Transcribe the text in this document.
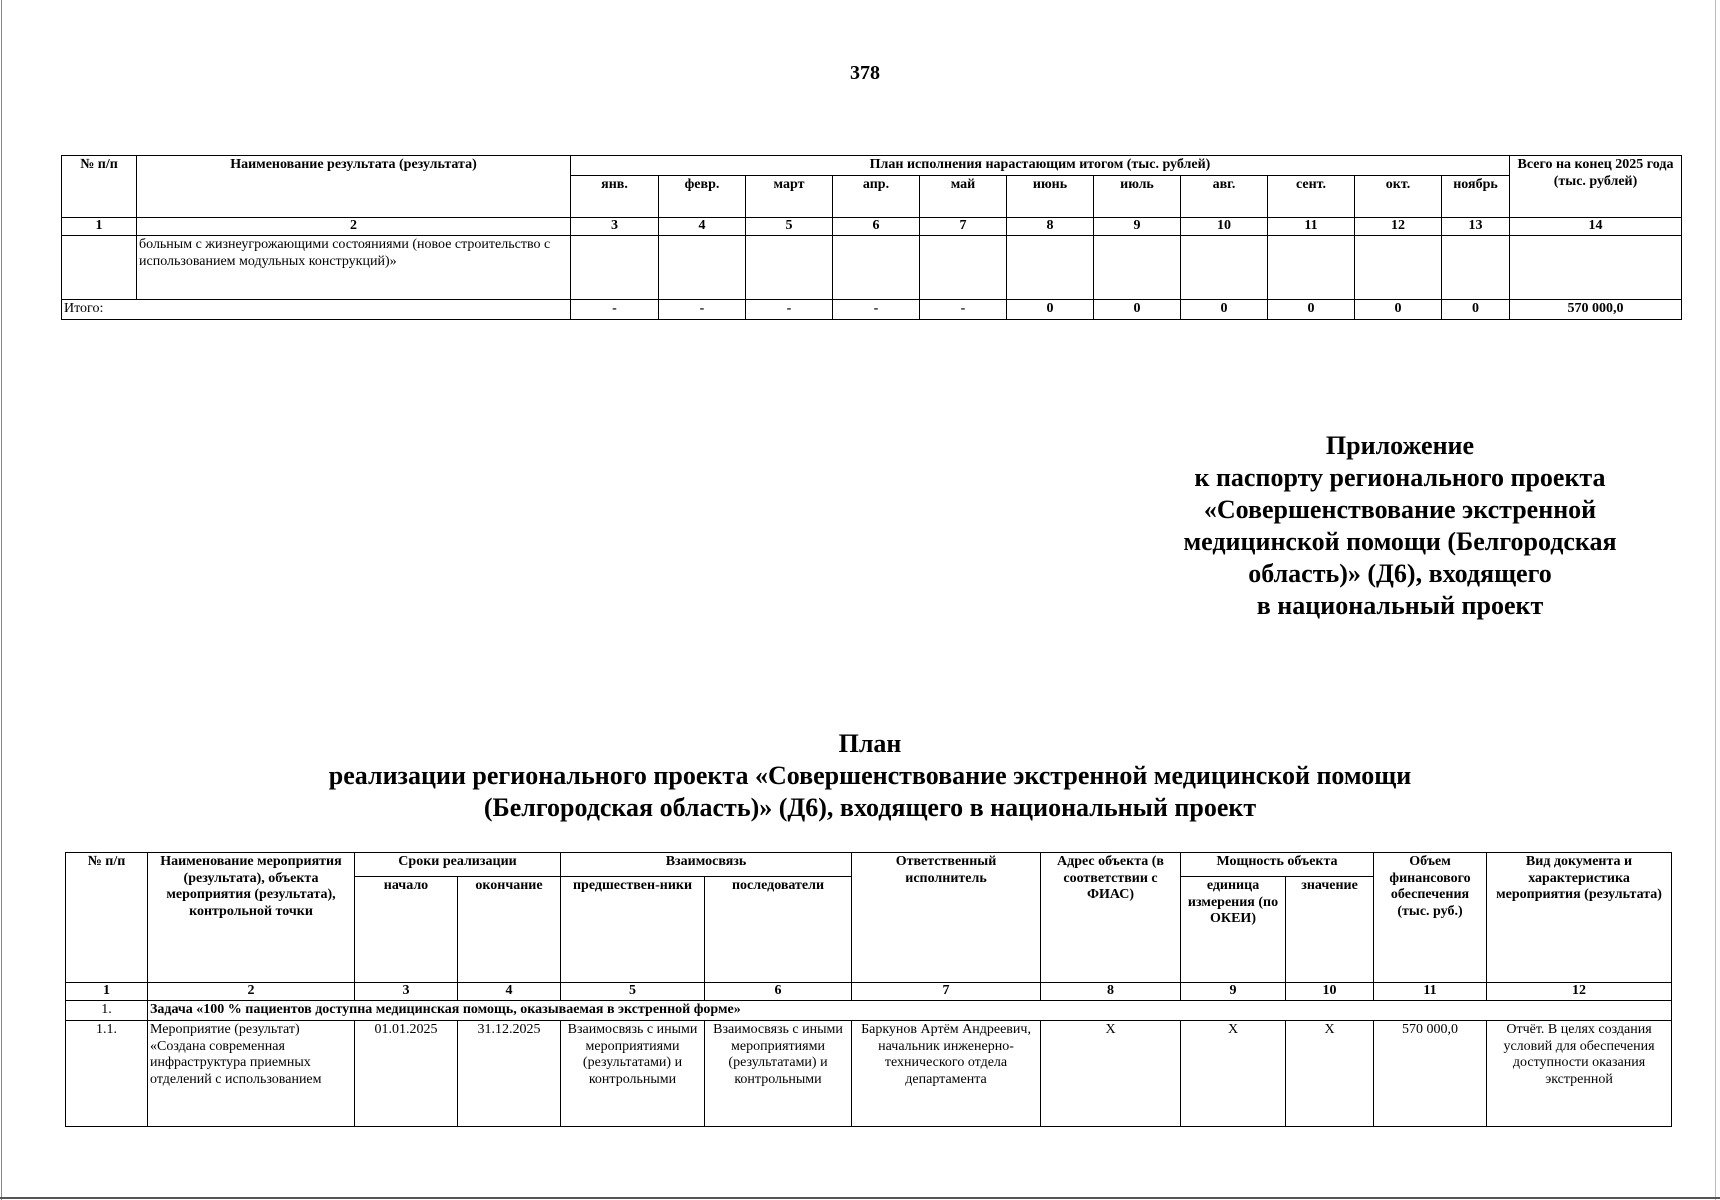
378
№ п/п	Наименование результата (результата)	План исполнения нарастающим итогом (тыс. рублей)											Всего на конец 2025 года (тыс. рублей)
		янв.	февр.	март	апр.	май	июнь	июль	авг.	сент.	окт.	ноябрь	
1	2	3	4	5	6	7	8	9	10	11	12	13	14
	больным с жизнеугрожающими состояниями (новое строительство с использованием модульных конструкций)»												
Итого:		-	-	-	-	-	0	0	0	0	0	0	570 000,0
Приложение
к паспорту регионального проекта
«Совершенствование экстренной
медицинской помощи (Белгородская
область)» (Д6), входящего
в национальный проект
План
реализации регионального проекта «Совершенствование экстренной медицинской помощи
(Белгородская область)» (Д6), входящего в национальный проект
№ п/п	Наименование мероприятия (результата), объекта мероприятия (результата), контрольной точки	Сроки реализации		Взаимосвязь		Ответственный исполнитель	Адрес объекта (в соответствии с ФИАС)	Мощность объекта		Объем финансового обеспечения (тыс. руб.)	Вид документа и характеристика мероприятия (результата)
		начало	окончание	предшествен-ники	последователи			единица измерения (по ОКЕИ)	значение		
1	2	3	4	5	6	7	8	9	10	11	12
1.	Задача «100 % пациентов доступна медицинская помощь, оказываемая в экстренной форме»										
1.1.	Мероприятие (результат) «Создана современная инфраструктура приемных отделений с использованием	01.01.2025	31.12.2025	Взаимосвязь с иными мероприятиями (результатами) и контрольными	Взаимосвязь с иными мероприятиями (результатами) и контрольными	Баркунов Артём Андреевич, начальник инженерно-технического отдела департамента	Х	Х	Х	570 000,0	Отчёт. В целях создания условий для обеспечения доступности оказания экстренной
